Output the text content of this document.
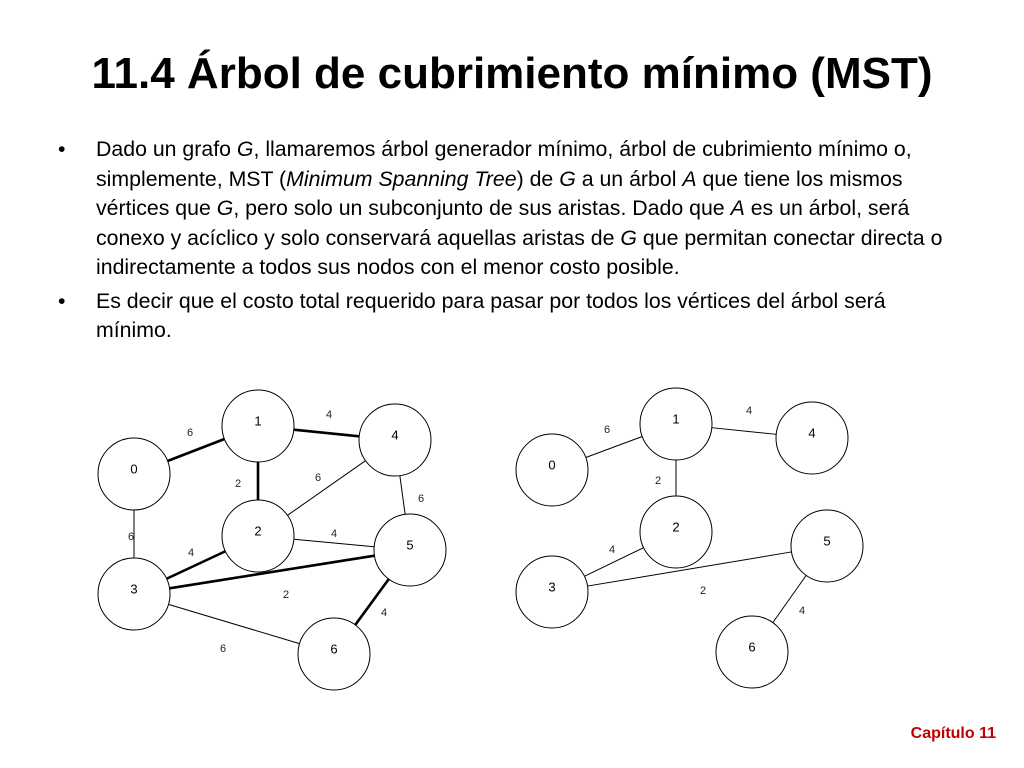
11.4 Árbol de cubrimiento mínimo (MST)
• Dado un grafo G, llamaremos árbol generador mínimo, árbol de cubrimiento mínimo o, simplemente, MST (Minimum Spanning Tree) de G a un árbol A que tiene los mismos vértices que G, pero solo un subconjunto de sus aristas. Dado que A es un árbol, será conexo y acíclico y solo conservará aquellas aristas de G que permitan conectar directa o indirectamente a todos sus nodos con el menor costo posible.
• Es decir que el costo total requerido para pasar por todos los vértices del árbol será mínimo.
6
4
2
6
6
6
4
4
2
6
4
0
1
2
3
4
5
6
6
4
2
4
2
4
0
1
2
3
4
5
6
Capítulo 11
